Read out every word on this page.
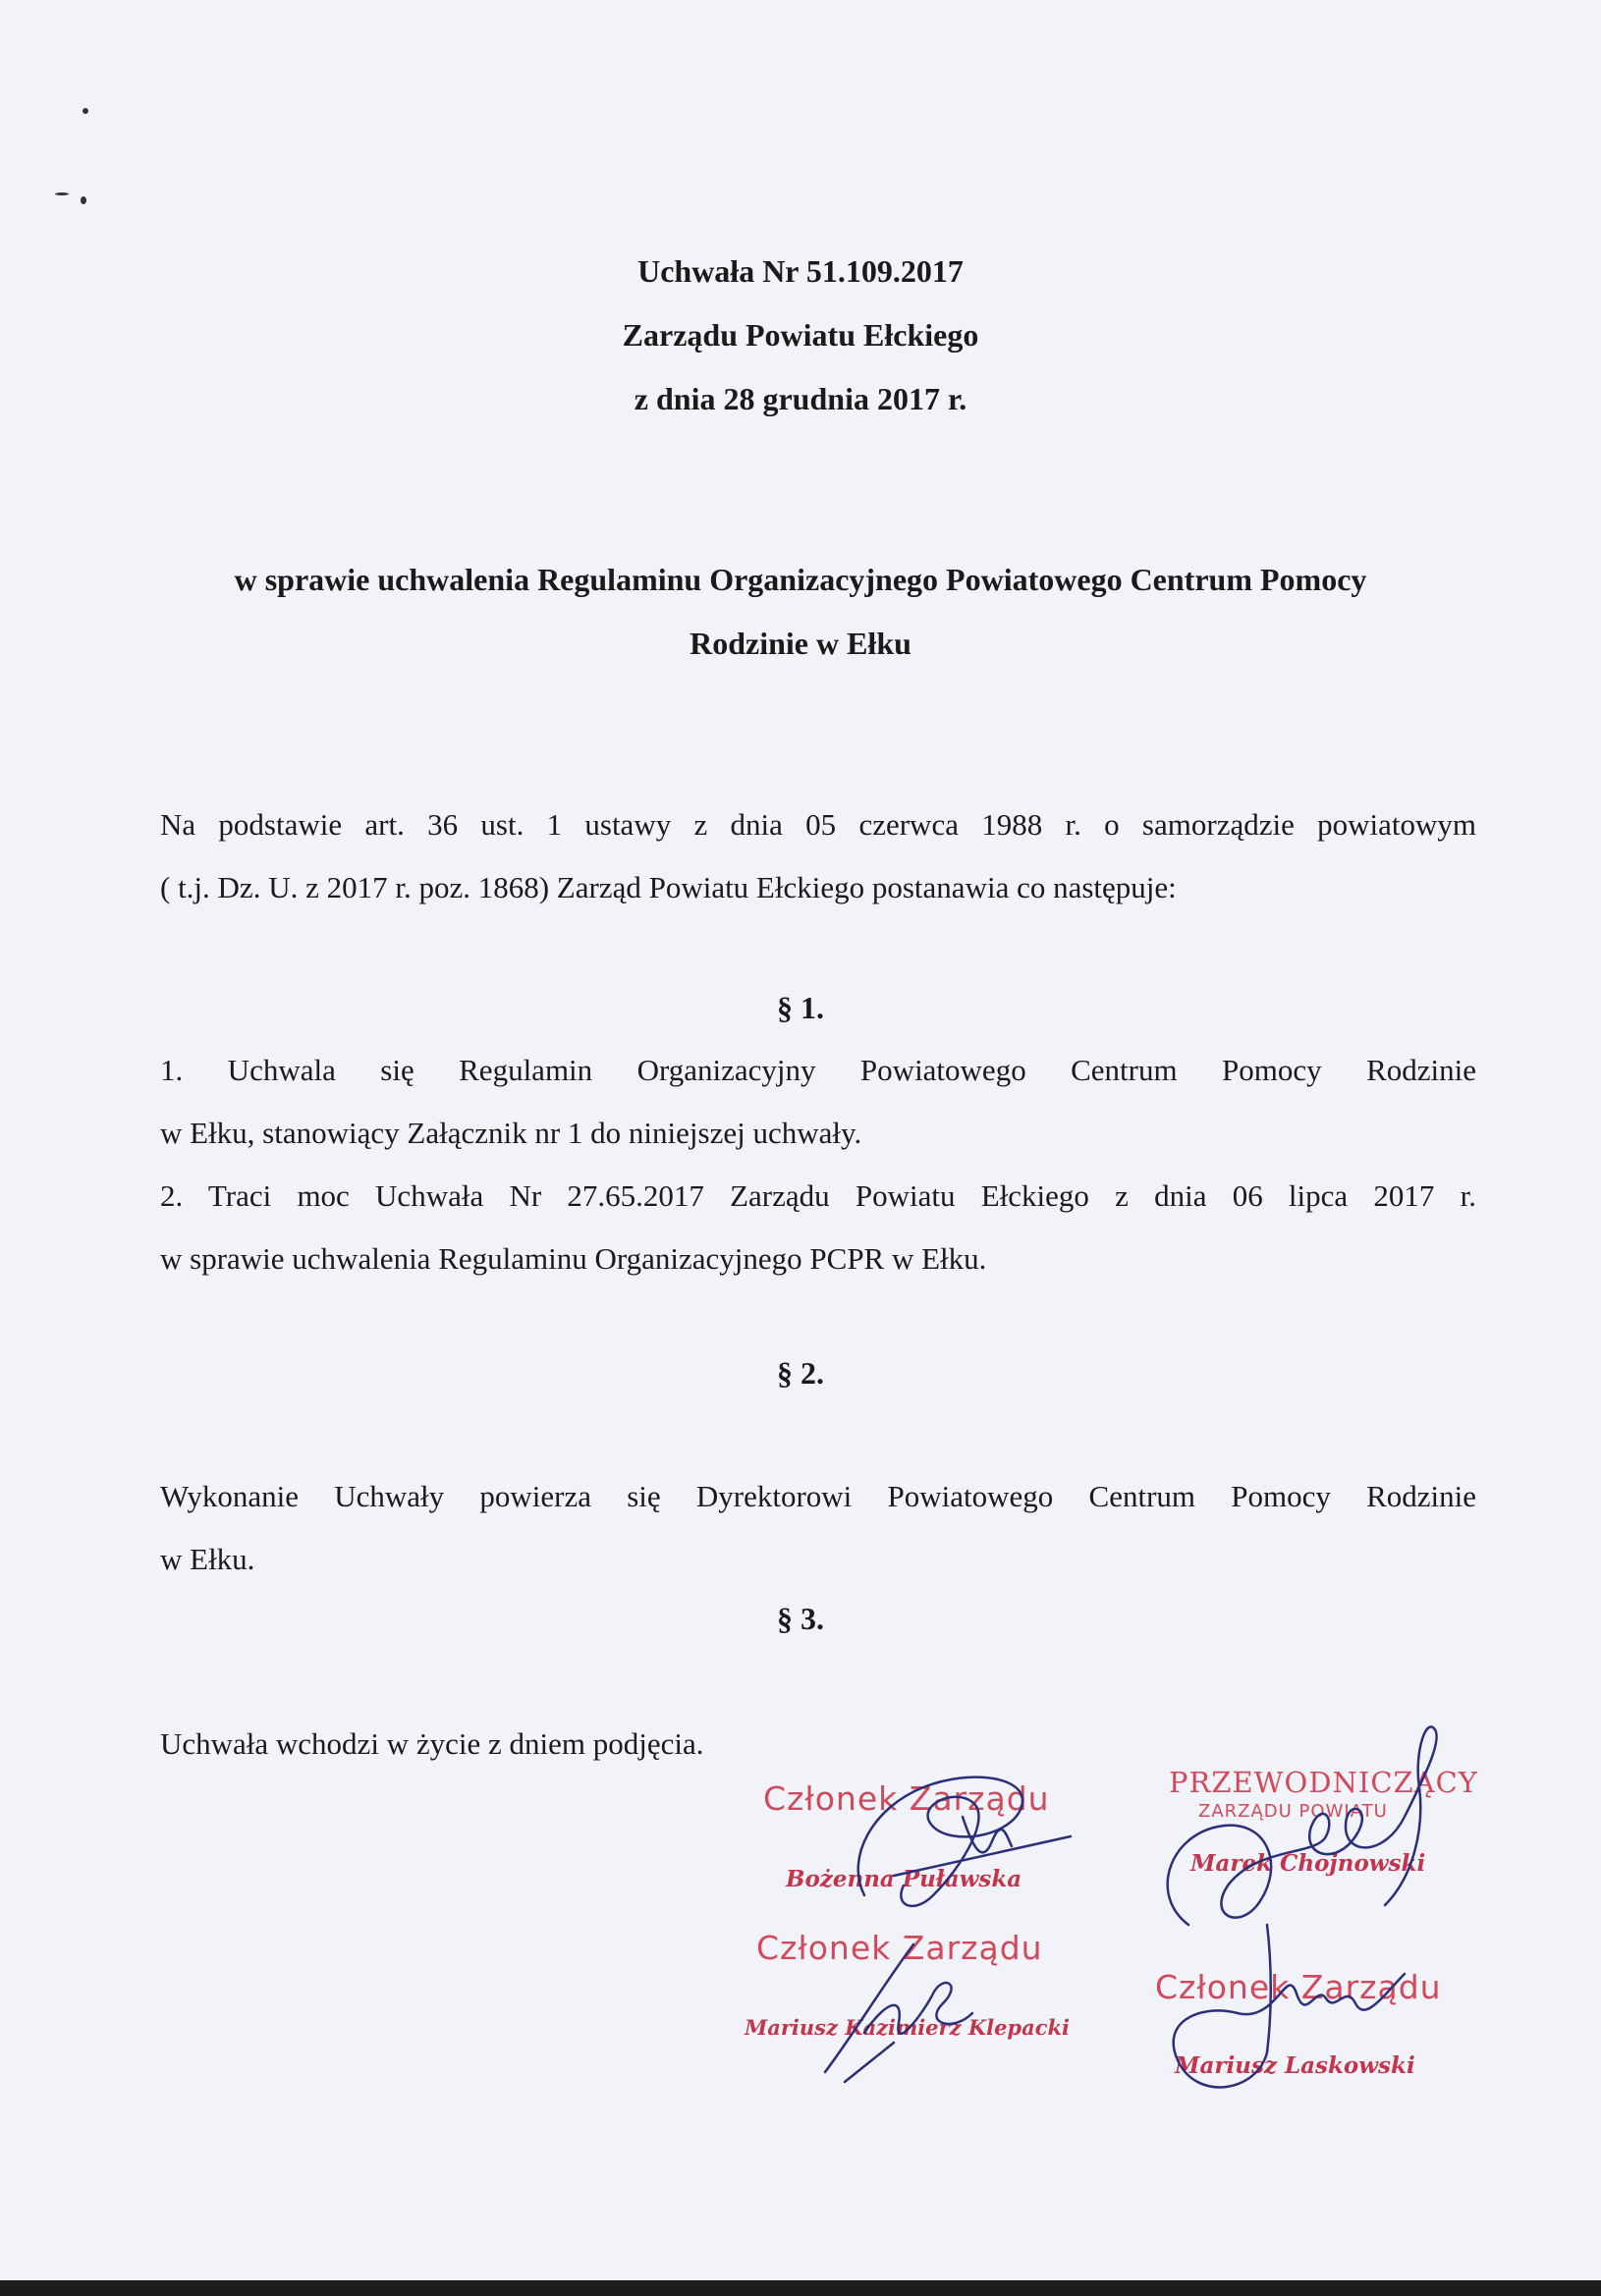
Uchwała Nr 51.109.2017
Zarządu Powiatu Ełckiego
z dnia 28 grudnia 2017 r.
w sprawie uchwalenia Regulaminu Organizacyjnego Powiatowego Centrum Pomocy
Rodzinie w Ełku
Na podstawie art. 36 ust. 1 ustawy z dnia 05 czerwca 1988 r. o samorządzie powiatowym
( t.j. Dz. U. z 2017 r. poz. 1868) Zarząd Powiatu Ełckiego postanawia co następuje:
§ 1.
1. Uchwala się Regulamin Organizacyjny Powiatowego Centrum Pomocy Rodzinie
w Ełku, stanowiący Załącznik nr 1 do niniejszej uchwały.
2. Traci moc Uchwała Nr 27.65.2017 Zarządu Powiatu Ełckiego z dnia 06 lipca 2017 r.
w sprawie uchwalenia Regulaminu Organizacyjnego PCPR w Ełku.
§ 2.
Wykonanie Uchwały powierza się Dyrektorowi Powiatowego Centrum Pomocy Rodzinie
w Ełku.
§ 3.
Uchwała wchodzi w życie z dniem podjęcia.
Członek Zarządu
Bożenna Puławska
Członek Zarządu
Mariusz Kazimierz Klepacki
PRZEWODNICZĄCY
ZARZĄDU POWIATU
Marek Chojnowski
Członek Zarządu
Mariusz Laskowski
